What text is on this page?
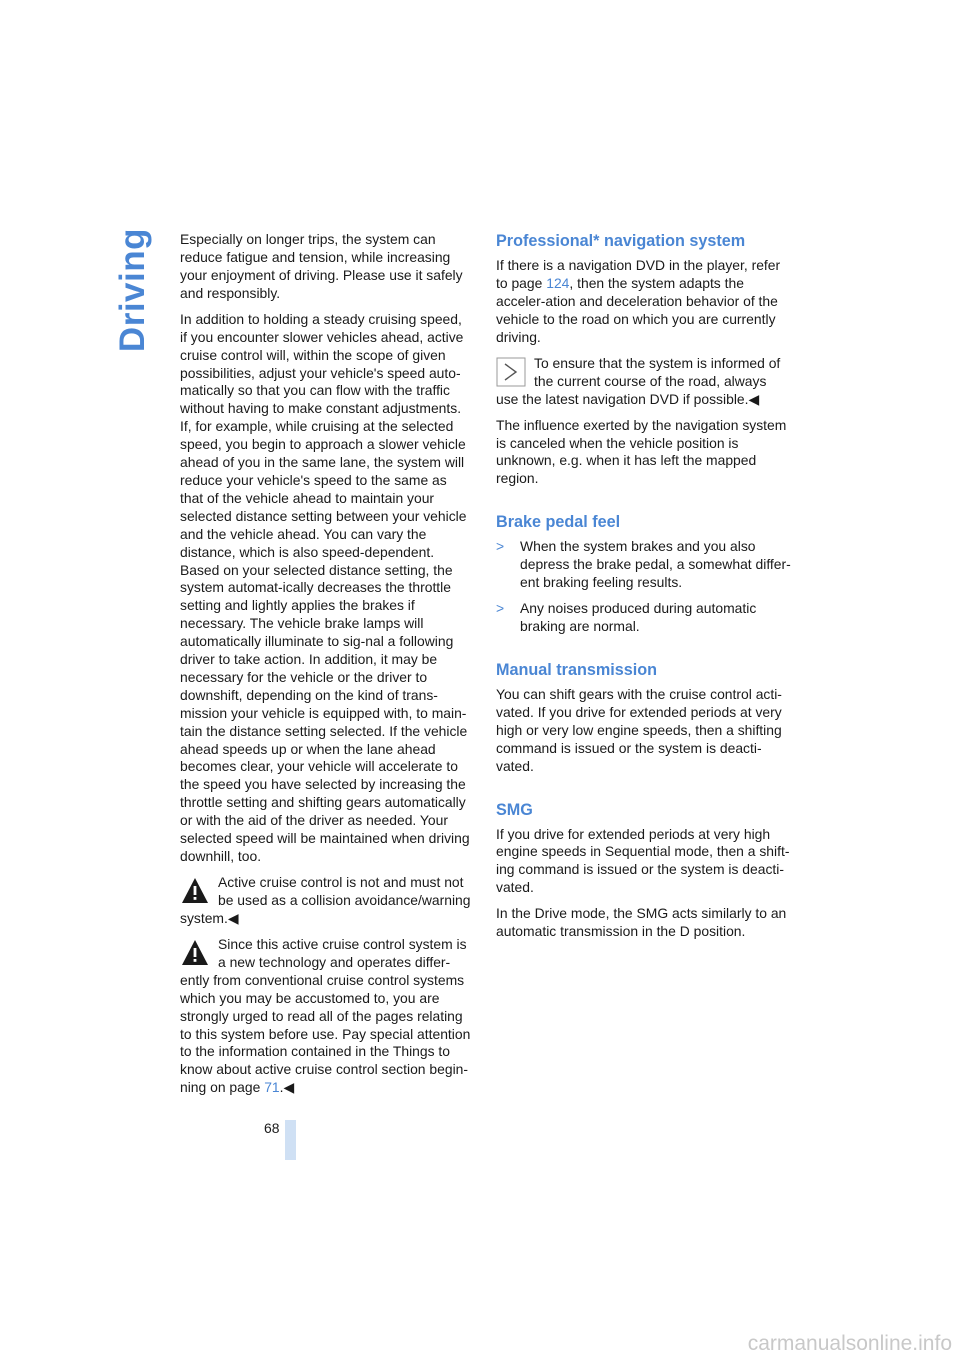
Driving Especially on longer trips, the system can reduce fatigue and tension, while increasing your enjoyment of driving. Please use it safely and responsibly.

In addition to holding a steady cruising speed, if you encounter slower vehicles ahead, active cruise control will, within the scope of given possibilities, adjust your vehicle's speed auto-matically so that you can flow with the traffic without having to make constant adjustments. If, for example, while cruising at the selected speed, you begin to approach a slower vehicle ahead of you in the same lane, the system will reduce your vehicle's speed to the same as that of the vehicle ahead to maintain your selected distance setting between your vehicle and the vehicle ahead. You can vary the distance, which is also speed-dependent. Based on your selected distance setting, the system automat-ically decreases the throttle setting and lightly applies the brakes if necessary. The vehicle brake lamps will automatically illuminate to sig-nal a following driver to take action. In addition, it may be necessary for the vehicle or the driver to downshift, depending on the kind of trans-mission your vehicle is equipped with, to main-tain the distance setting selected. If the vehicle ahead speeds up or when the lane ahead becomes clear, your vehicle will accelerate to the speed you have selected by increasing the throttle setting and shifting gears automatically or with the aid of the driver as needed. Your selected speed will be maintained when driving downhill, too.

Active cruise control is not and must not be used as a collision avoidance/warning system.◀
Since this active cruise control system is a new technology and operates differ-ently from conventional cruise control systems which you may be accustomed to, you are strongly urged to read all of the pages relating to this system before use. Pay special attention to the information contained in the Things to know about active cruise control section begin-ning on page 71.◀
Professional* navigation system

If there is a navigation DVD in the player, refer to page 124, then the system adapts the acceler-ation and deceleration behavior of the vehicle to the road on which you are currently driving.

To ensure that the system is informed of the current course of the road, always use the latest navigation DVD if possible.◀

The influence exerted by the navigation system is canceled when the vehicle position is unknown, e.g. when it has left the mapped region.

Brake pedal feel
> When the system brakes and you also depress the brake pedal, a somewhat differ-ent braking feeling results.
> Any noises produced during automatic braking are normal.
Manual transmission

You can shift gears with the cruise control acti-vated. If you drive for extended periods at very high or very low engine speeds, then a shifting command is issued or the system is deacti-vated.

SMG

If you drive for extended periods at very high engine speeds in Sequential mode, then a shift-ing command is issued or the system is deacti-vated.

In the Drive mode, the SMG acts similarly to an automatic transmission in the D position.

68
carmanualsonline.info
